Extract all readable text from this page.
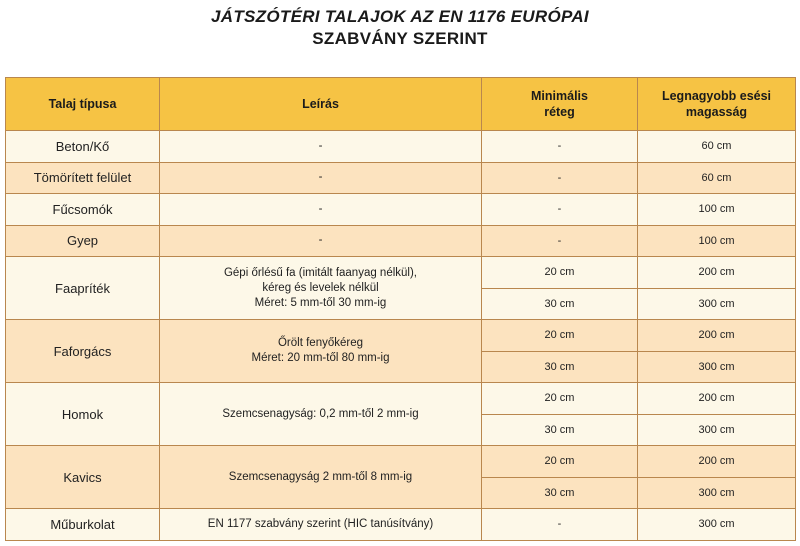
JÁTSZÓTÉRI TALAJOK AZ EN 1176 EURÓPAI
SZABVÁNY SZERINT
Talaj típusa	Leírás	Minimális réteg	Legnagyobb esési magasság
Beton/Kő	-	-	60 cm
Tömörített felület	-	-	60 cm
Fűcsomók	-	-	100 cm
Gyep	-	-	100 cm
Faapríték	Gépi őrlésű fa (imitált faanyag nélkül),
kéreg és levelek nélkül
Méret: 5 mm-től 30 mm-ig	20 cm	200 cm
		30 cm	300 cm
Faforgács	Őrölt fenyőkéreg
Méret: 20 mm-től 80 mm-ig	20 cm	200 cm
		30 cm	300 cm
Homok	Szemcsenagyság: 0,2 mm-től 2 mm-ig	20 cm	200 cm
		30 cm	300 cm
Kavics	Szemcsenagyság 2 mm-től 8 mm-ig	20 cm	200 cm
		30 cm	300 cm
Műburkolat	EN 1177 szabvány szerint (HIC tanúsítvány)	-	300 cm
